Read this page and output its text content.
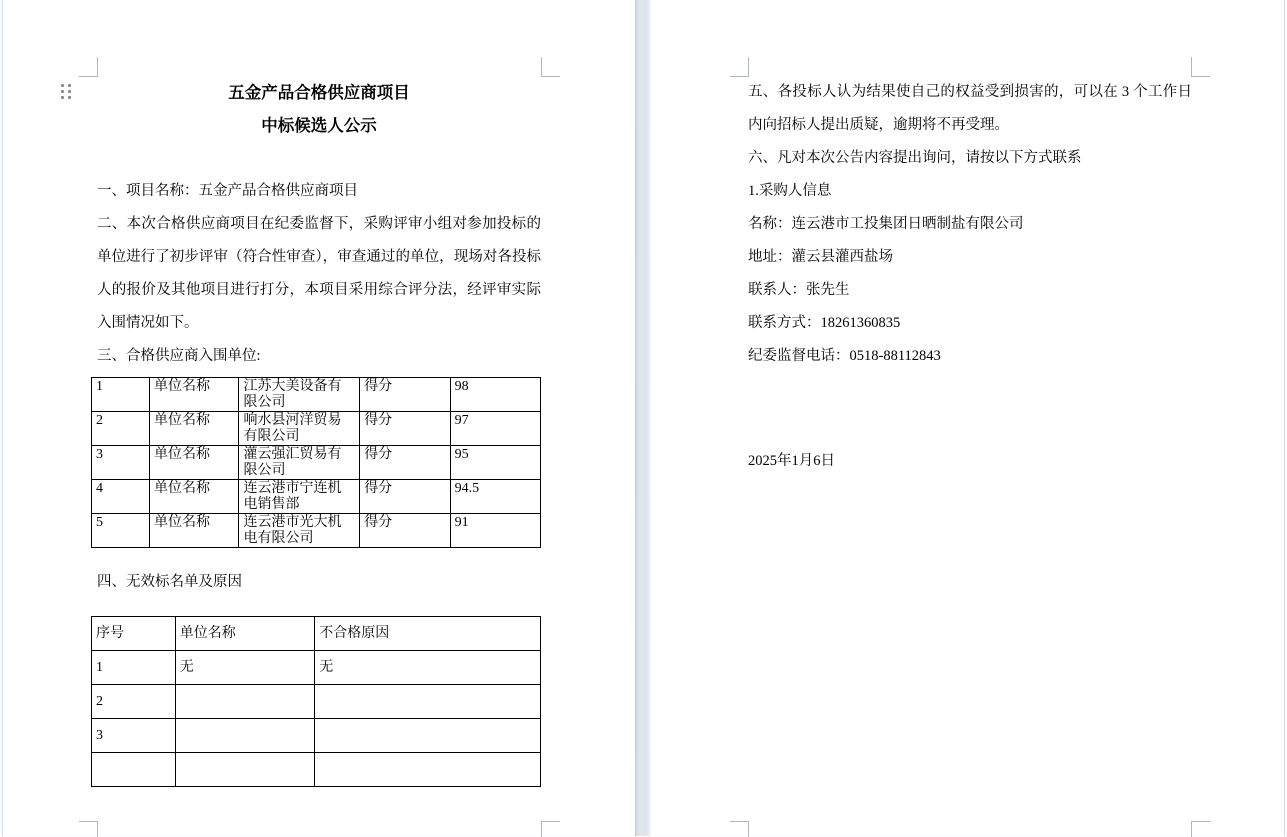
五金产品合格供应商项目
中标候选人公示

一、项目名称：五金产品合格供应商项目

二、本次合格供应商项目在纪委监督下，采购评审小组对参加投标的单位进行了初步评审（符合性审查），审查通过的单位，现场对各投标人的报价及其他项目进行打分，本项目采用综合评分法，经评审实际入围情况如下。

三、合格供应商入围单位:

1	单位名称	江苏大美设备有限公司	得分	98
2	单位名称	响水县河洋贸易有限公司	得分	97
3	单位名称	灌云强汇贸易有限公司	得分	95
4	单位名称	连云港市宁连机电销售部	得分	94.5
5	单位名称	连云港市光大机电有限公司	得分	91

四、无效标名单及原因

序号	单位名称	不合格原因
1	无	无
2		
3		

五、各投标人认为结果使自己的权益受到损害的，可以在 3 个工作日内向招标人提出质疑，逾期将不再受理。

六、凡对本次公告内容提出询问，请按以下方式联系

1.采购人信息

名称：连云港市工投集团日晒制盐有限公司

地址：灌云县灌西盐场

联系人：张先生

联系方式：18261360835

纪委监督电话：0518-88112843

2025年1月6日
